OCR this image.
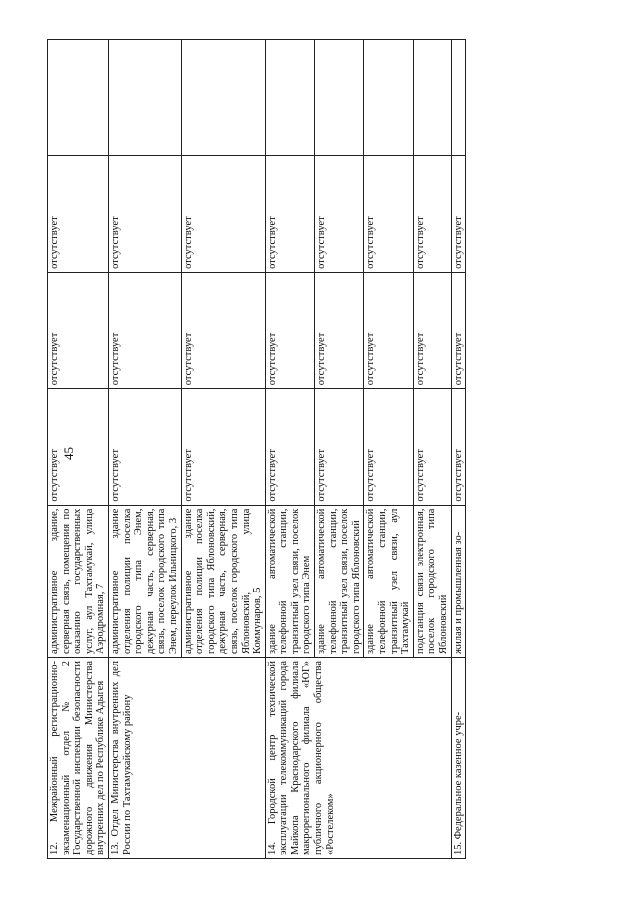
45
12. Межрайонный регистрационно-экзаменационный отдел № 2 Государственной инспекции безопасности дорожного движения Министерства внутренних дел по Республике Адыгея	административное здание, серверная связь, помещения по оказанию государственных услуг, аул Тахтамукай, улица Аэродромная, 7	отсутствует	отсутствует	отсутствует	
13. Отдел Министерства внутренних дел России по Тахтамукайскому району	административное здание отделения полиции поселка городского типа Энем, дежурная часть, серверная, связь, поселок городского типа Энем, переулок Ильницкого, 3	отсутствует	отсутствует	отсутствует	
	административное здание отделения полиции поселка городского типа Яблоновский, дежурная часть, серверная, связь, поселок городского типа Яблоновский, улица Коммунаров, 5	отсутствует	отсутствует	отсутствует	
14. Городской центр технической эксплуатации телекоммуникаций города Майкопа Краснодарского филиала макрорегионального филиала «ЮГ» публичного акционерного общества «Ростелеком»	здание автоматической телефонной станции, транзитный узел связи, поселок городского типа Энем	отсутствует	отсутствует	отсутствует	
	здание автоматической телефонной станции, транзитный узел связи, поселок городского типа Яблоновский	отсутствует	отсутствует	отсутствует	
	здание автоматической телефонной станции, транзитный узел связи, аул Тахтамукай	отсутствует	отсутствует	отсутствует	
	подстанция связи электронная, поселок городского типа Яблоновский	отсутствует	отсутствует	отсутствует	
15. Федеральное казенное учре-	жилая и промышленная зо-	отсутствует	отсутствует	отсутствует	
